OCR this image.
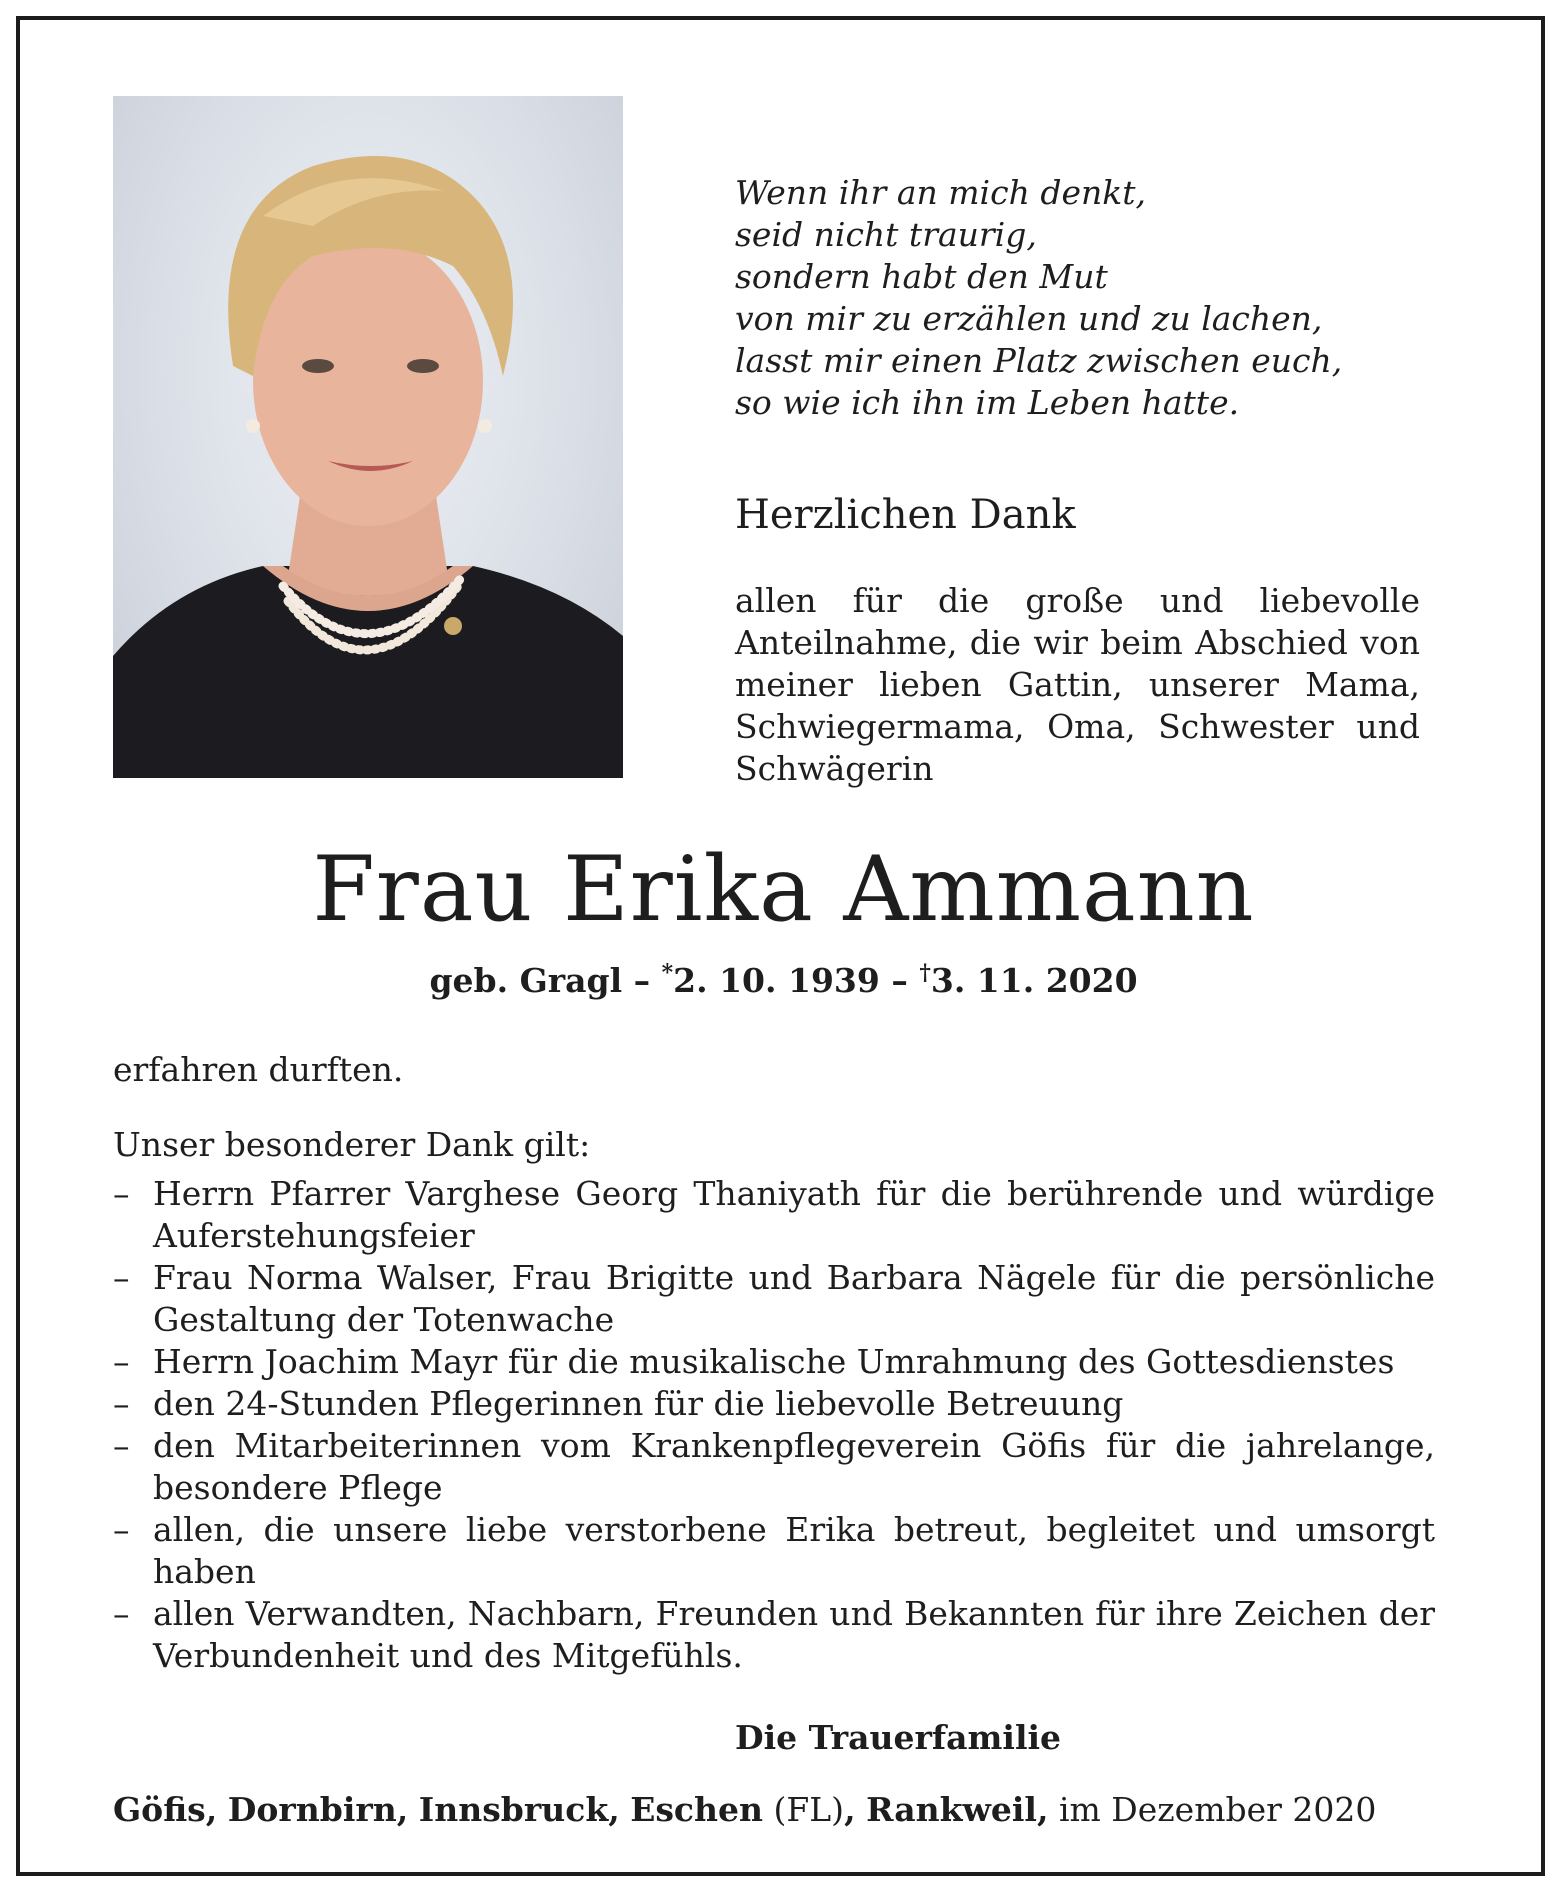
Wenn ihr an mich denkt,
seid nicht traurig,
sondern habt den Mut
von mir zu erzählen und zu lachen,
lasst mir einen Platz zwischen euch,
so wie ich ihn im Leben hatte.
Herzlichen Dank

allen für die große und liebevolle Anteilnahme, die wir beim Abschied von meiner lieben Gattin, unserer Mama, Schwiegermama, Oma, Schwester und Schwägerin

Frau Erika Ammann

geb. Gragl – *2. 10. 1939 – †3. 11. 2020

erfahren durften.

Unser besonderer Dank gilt:

– Herrn Pfarrer Varghese Georg Thaniyath für die berührende und würdige Auferstehungsfeier
– Frau Norma Walser, Frau Brigitte und Barbara Nägele für die persönliche Gestaltung der Totenwache
– Herrn Joachim Mayr für die musikalische Umrahmung des Gottesdienstes
– den 24-Stunden Pflegerinnen für die liebevolle Betreuung
– den Mitarbeiterinnen vom Krankenpflegeverein Göfis für die jahrelange, besondere Pflege
– allen, die unsere liebe verstorbene Erika betreut, begleitet und umsorgt haben
– allen Verwandten, Nachbarn, Freunden und Bekannten für ihre Zeichen der Verbundenheit und des Mitgefühls.

Die Trauerfamilie

Göfis, Dornbirn, Innsbruck, Eschen (FL), Rankweil, im Dezember 2020
